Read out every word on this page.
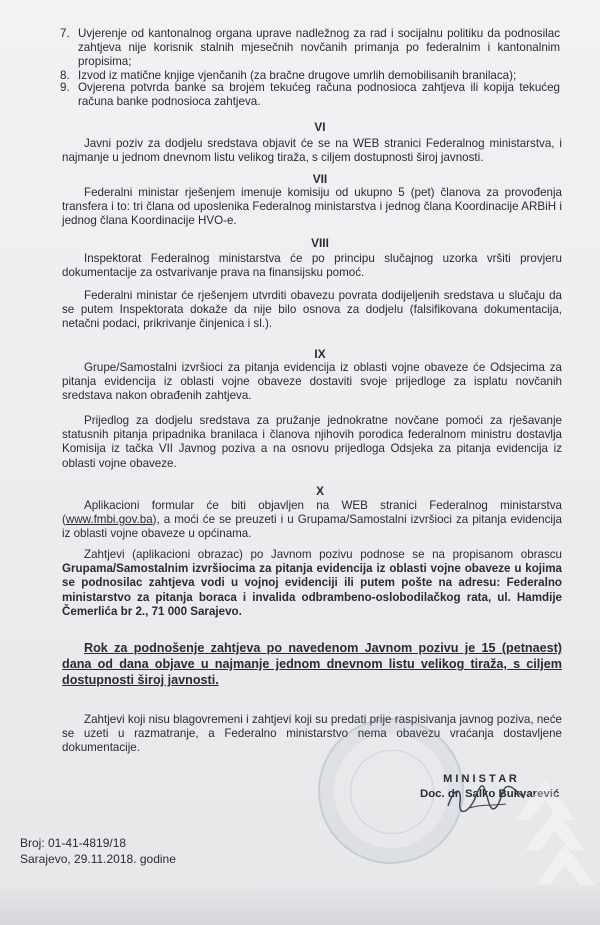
7. Uvjerenje od kantonalnog organa uprave nadležnog za rad i socijalnu politiku da podnosilac zahtjeva nije korisnik stalnih mjesečnih novčanih primanja po federalnim i kantonalnim propisima;
8. Izvod iz matične knjige vjenčanih (za bračne drugove umrlih demobilisanih branilaca);
9. Ovjerena potvrda banke sa brojem tekućeg računa podnosioca zahtjeva ili kopija tekućeg računa banke podnosioca zahtjeva.
VI
Javni poziv za dodjelu sredstava objavit će se na WEB stranici Federalnog ministarstva, i najmanje u jednom dnevnom listu velikog tiraža, s ciljem dostupnosti široj javnosti.
VII
Federalni ministar rješenjem imenuje komisiju od ukupno 5 (pet) članova za provođenja transfera i to: tri člana od uposlenika Federalnog ministarstva i jednog člana Koordinacije ARBiH i jednog člana Koordinacije HVO-e.
VIII
Inspektorat Federalnog ministarstva će po principu slučajnog uzorka vršiti provjeru dokumentacije za ostvarivanje prava na finansijsku pomoć.
Federalni ministar će rješenjem utvrditi obavezu povrata dodijeljenih sredstava u slučaju da se putem Inspektorata dokaže da nije bilo osnova za dodjelu (falsifikovana dokumentacija, netačni podaci, prikrivanje činjenica i sl.).
IX
Grupe/Samostalni izvršioci za pitanja evidencija iz oblasti vojne obaveze će Odsjecima za pitanja evidencija iz oblasti vojne obaveze dostaviti svoje prijedloge za isplatu novčanih sredstava nakon obrađenih zahtjeva.
Prijedlog za dodjelu sredstava za pružanje jednokratne novčane pomoći za rješavanje statusnih pitanja pripadnika branilaca i članova njihovih porodica federalnom ministru dostavlja Komisija iz tačka VII Javnog poziva a na osnovu prijedloga Odsjeka za pitanja evidencija iz oblasti vojne obaveze.
X
Aplikacioni formular će biti objavljen na WEB stranici Federalnog ministarstva (www.fmbi.gov.ba), a moći će se preuzeti i u Grupama/Samostalni izvršioci za pitanja evidencija iz oblasti vojne obaveze u općinama.
Zahtjevi (aplikacioni obrazac) po Javnom pozivu podnose se na propisanom obrascu Grupama/Samostalnim izvršiocima za pitanja evidencija iz oblasti vojne obaveze u kojima se podnosilac zahtjeva vodi u vojnoj evidenciji ili putem pošte na adresu: Federalno ministarstvo za pitanja boraca i invalida odbrambeno-oslobodilačkog rata, ul. Hamdije Čemerlića br 2., 71 000 Sarajevo.
Rok za podnošenje zahtjeva po navedenom Javnom pozivu je 15 (petnaest) dana od dana objave u najmanje jednom dnevnom listu velikog tiraža, s ciljem dostupnosti široj javnosti.
Zahtjevi koji nisu blagovremeni i zahtjevi koji su predati prije raspisivanja javnog poziva, neće se uzeti u razmatranje, a Federalno ministarstvo nema obavezu vraćanja dostavljene dokumentacije.
M I N I S T A R
Doc. dr. Salko Bukvarević
Broj: 01-41-4819/18
Sarajevo, 29.11.2018. godine
